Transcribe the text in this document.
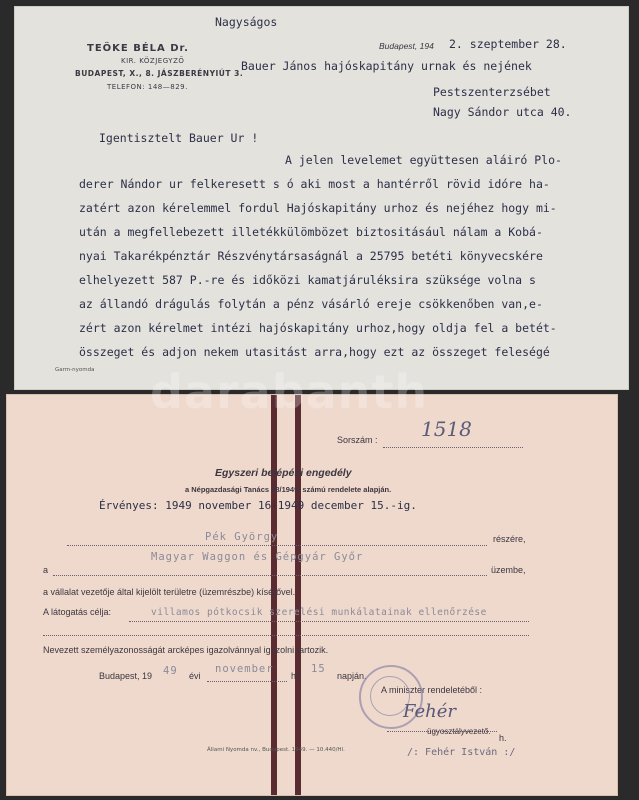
TEÖKE BÉLA Dr.
KIR. KÖZJEGYZŐ
BUDAPEST, X., 8. JÁSZBERÉNYIÚT 3.
TELEFON: 148—829.
Nagyságos
Budapest, 194 2. szeptember 28.
Bauer János hajóskapitány urnak és nejének
Pestszenterzsébet
Nagy Sándor utca 40.
Igentisztelt Bauer Ur !
A jelen levelemet együttesen aláiró Plo-
derer Nándor ur felkeresett s ó aki most a hantérről rövid idóre ha-
zatért azon kérelemmel fordul Hajóskapitány urhoz és nejéhez hogy mi-
után a megfellebezett illetékkülömbözet biztositásául nálam a Kobá-
nyai Takarékpénztár Részvénytársaságnál a 25795 betéti könyvecskére
elhelyezett 587 P.-re és időközi kamatjáruléksira szüksége volna s
az állandó drágulás folytán a pénz vásárló ereje csökkenőben van,e-
zért azon kérelmet intézi hajóskapitány urhoz,hogy oldja fel a betét-
összeget és adjon nekem utasitást arra,hogy ezt az összeget feleségé
Garm-nyomda
Sorszám : 1518
Egyszeri belépési engedély
a Népgazdasági Tanács 38/1949. számú rendelete alapján.
Érvényes: 1949 november 16-1949 december 15.-ig.
Pék György	részére,
a
Magyar Waggon és Gépgyár Győr
üzembe,
a vállalat vezetője által kijelölt területre (üzemrészbe) kísérővel.
A látogatás célja:	villamos pótkocsik szerelési munkálatainak ellenőrzése
Nevezett személyazonosságát arcképes igazolvánnyal igazolni tartozik.
Budapest, 19 49 évi
november
hó
15
napján.
A miniszter rendeletéből :
Fehér
ügyosztályvezető.
h.
/: Fehér István :/
Állami Nyomda nv., Budapest. 1949. — 10.440/Hl.
darabanth
